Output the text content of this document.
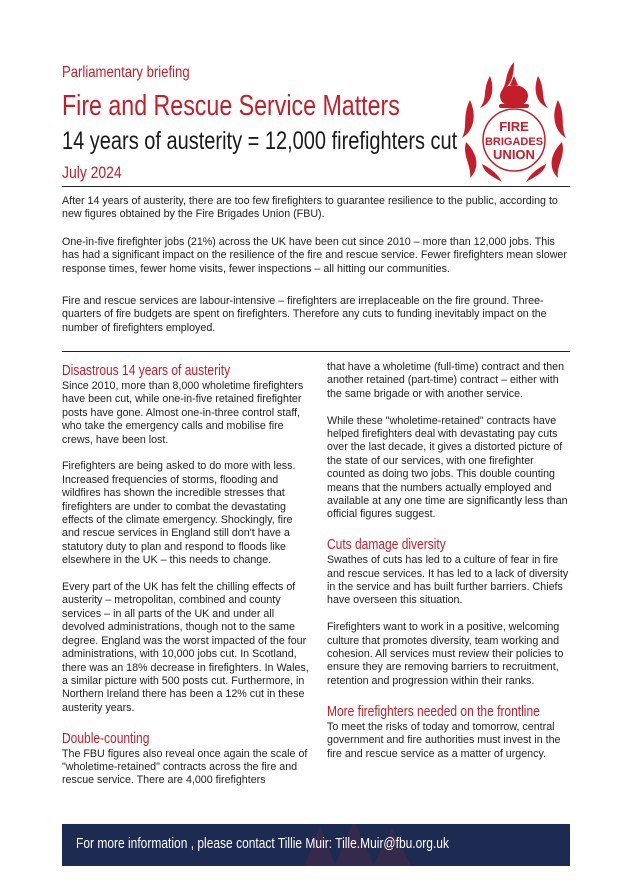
Parliamentary briefing
Fire and Rescue Service Matters
14 years of austerity = 12,000 firefighters cut
July 2024
FIRE
BRIGADES
UNION

After 14 years of austerity, there are too few firefighters to guarantee resilience to the public, according to new figures obtained by the Fire Brigades Union (FBU).

One-in-five firefighter jobs (21%) across the UK have been cut since 2010 – more than 12,000 jobs. This has had a significant impact on the resilience of the fire and rescue service. Fewer firefighters mean slower response times, fewer home visits, fewer inspections – all hitting our communities.

Fire and rescue services are labour-intensive – firefighters are irreplaceable on the fire ground. Three-quarters of fire budgets are spent on firefighters. Therefore any cuts to funding inevitably impact on the number of firefighters employed.

Disastrous 14 years of austerity

Since 2010, more than 8,000 wholetime firefighters have been cut, while one-in-five retained firefighter posts have gone. Almost one-in-three control staff, who take the emergency calls and mobilise fire crews, have been lost.

Firefighters are being asked to do more with less. Increased frequencies of storms, flooding and wildfires has shown the incredible stresses that firefighters are under to combat the devastating effects of the climate emergency. Shockingly, fire and rescue services in England still don't have a statutory duty to plan and respond to floods like elsewhere in the UK – this needs to change.

Every part of the UK has felt the chilling effects of austerity – metropolitan, combined and county services – in all parts of the UK and under all devolved administrations, though not to the same degree. England was the worst impacted of the four administrations, with 10,000 jobs cut. In Scotland, there was an 18% decrease in firefighters. In Wales, a similar picture with 500 posts cut. Furthermore, in Northern Ireland there has been a 12% cut in these austerity years.

Double-counting

The FBU figures also reveal once again the scale of "wholetime-retained" contracts across the fire and rescue service. There are 4,000 firefighters

that have a wholetime (full-time) contract and then another retained (part-time) contract – either with the same brigade or with another service.

While these "wholetime-retained" contracts have helped firefighters deal with devastating pay cuts over the last decade, it gives a distorted picture of the state of our services, with one firefighter counted as doing two jobs. This double counting means that the numbers actually employed and available at any one time are significantly less than official figures suggest.

Cuts damage diversity

Swathes of cuts has led to a culture of fear in fire and rescue services. It has led to a lack of diversity in the service and has built further barriers. Chiefs have overseen this situation.

Firefighters want to work in a positive, welcoming culture that promotes diversity, team working and cohesion. All services must review their policies to ensure they are removing barriers to recruitment, retention and progression within their ranks.

More firefighters needed on the frontline

To meet the risks of today and tomorrow, central government and fire authorities must invest in the fire and rescue service as a matter of urgency.

For more information , please contact Tillie Muir: Tille.Muir@fbu.org.uk
